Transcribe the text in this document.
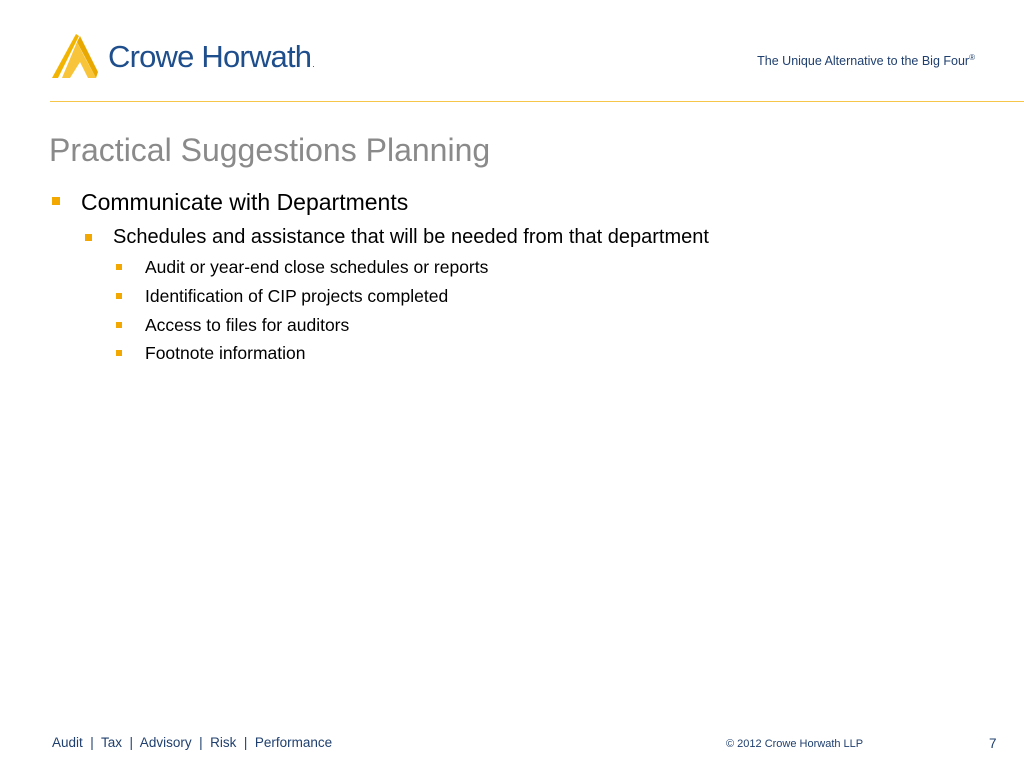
Crowe Horwath.	The Unique Alternative to the Big Four®
Practical Suggestions Planning
Communicate with Departments
Schedules and assistance that will be needed from that department
Audit or year-end close schedules or reports
Identification of CIP projects completed
Access to files for auditors
Footnote information
Audit  |  Tax  |  Advisory  |  Risk  |  Performance	© 2012 Crowe Horwath LLP	7
